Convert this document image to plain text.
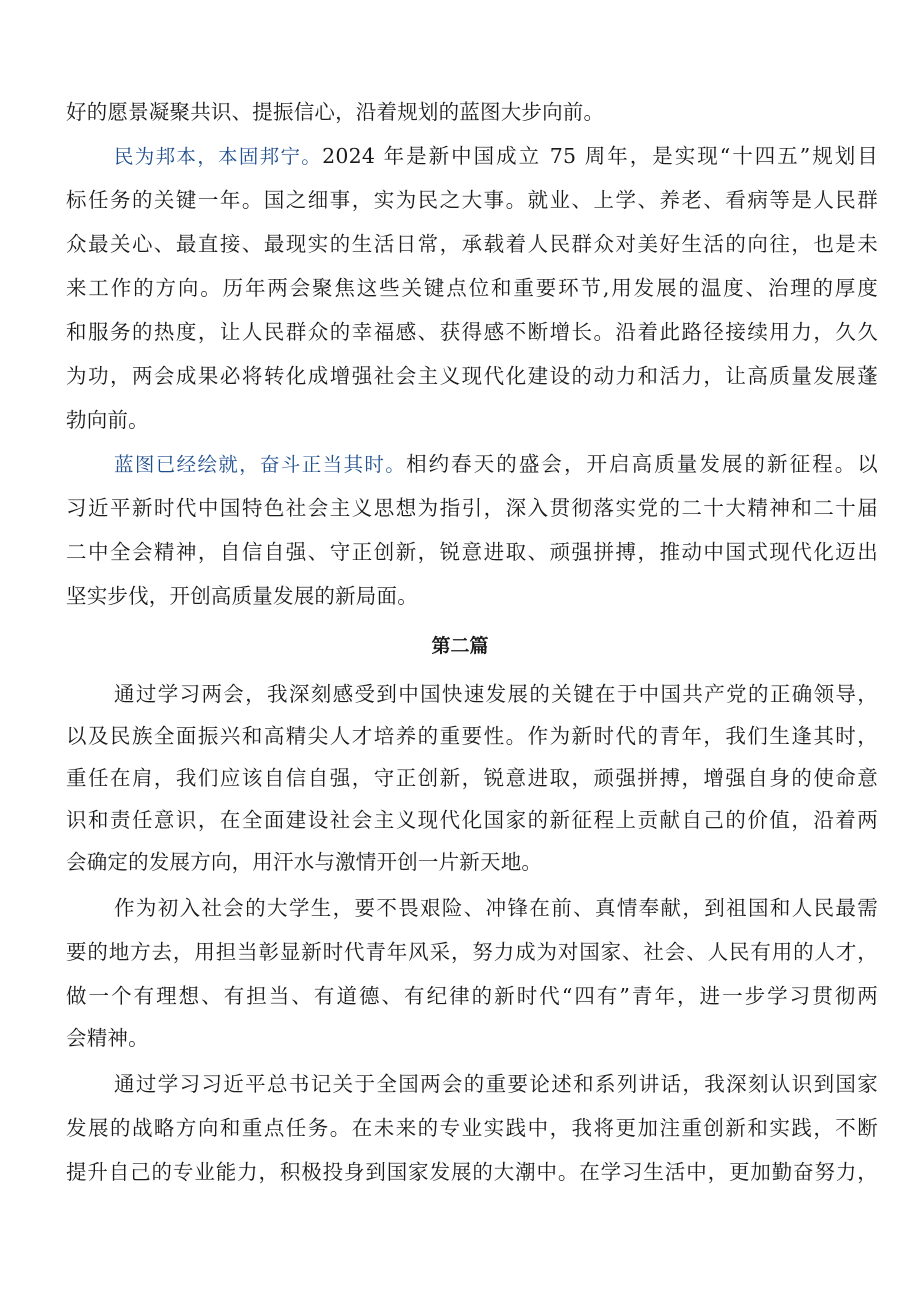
好的愿景凝聚共识、提振信心，沿着规划的蓝图大步向前。
民为邦本，本固邦宁。2024 年是新中国成立 75 周年，是实现“十四五”规划目
标任务的关键一年。国之细事，实为民之大事。就业、上学、养老、看病等是人民群
众最关心、最直接、最现实的生活日常，承载着人民群众对美好生活的向往，也是未
来工作的方向。历年两会聚焦这些关键点位和重要环节,用发展的温度、治理的厚度
和服务的热度，让人民群众的幸福感、获得感不断增长。沿着此路径接续用力，久久
为功，两会成果必将转化成增强社会主义现代化建设的动力和活力，让高质量发展蓬
勃向前。
蓝图已经绘就，奋斗正当其时。相约春天的盛会，开启高质量发展的新征程。以
习近平新时代中国特色社会主义思想为指引，深入贯彻落实党的二十大精神和二十届
二中全会精神，自信自强、守正创新，锐意进取、顽强拼搏，推动中国式现代化迈出
坚实步伐，开创高质量发展的新局面。
第二篇
通过学习两会，我深刻感受到中国快速发展的关键在于中国共产党的正确领导，
以及民族全面振兴和高精尖人才培养的重要性。作为新时代的青年，我们生逢其时，
重任在肩，我们应该自信自强，守正创新，锐意进取，顽强拼搏，增强自身的使命意
识和责任意识，在全面建设社会主义现代化国家的新征程上贡献自己的价值，沿着两
会确定的发展方向，用汗水与激情开创一片新天地。
作为初入社会的大学生，要不畏艰险、冲锋在前、真情奉献，到祖国和人民最需
要的地方去，用担当彰显新时代青年风采，努力成为对国家、社会、人民有用的人才，
做一个有理想、有担当、有道德、有纪律的新时代“四有”青年，进一步学习贯彻两
会精神。
通过学习习近平总书记关于全国两会的重要论述和系列讲话，我深刻认识到国家
发展的战略方向和重点任务。在未来的专业实践中，我将更加注重创新和实践，不断
提升自己的专业能力，积极投身到国家发展的大潮中。在学习生活中，更加勤奋努力，
